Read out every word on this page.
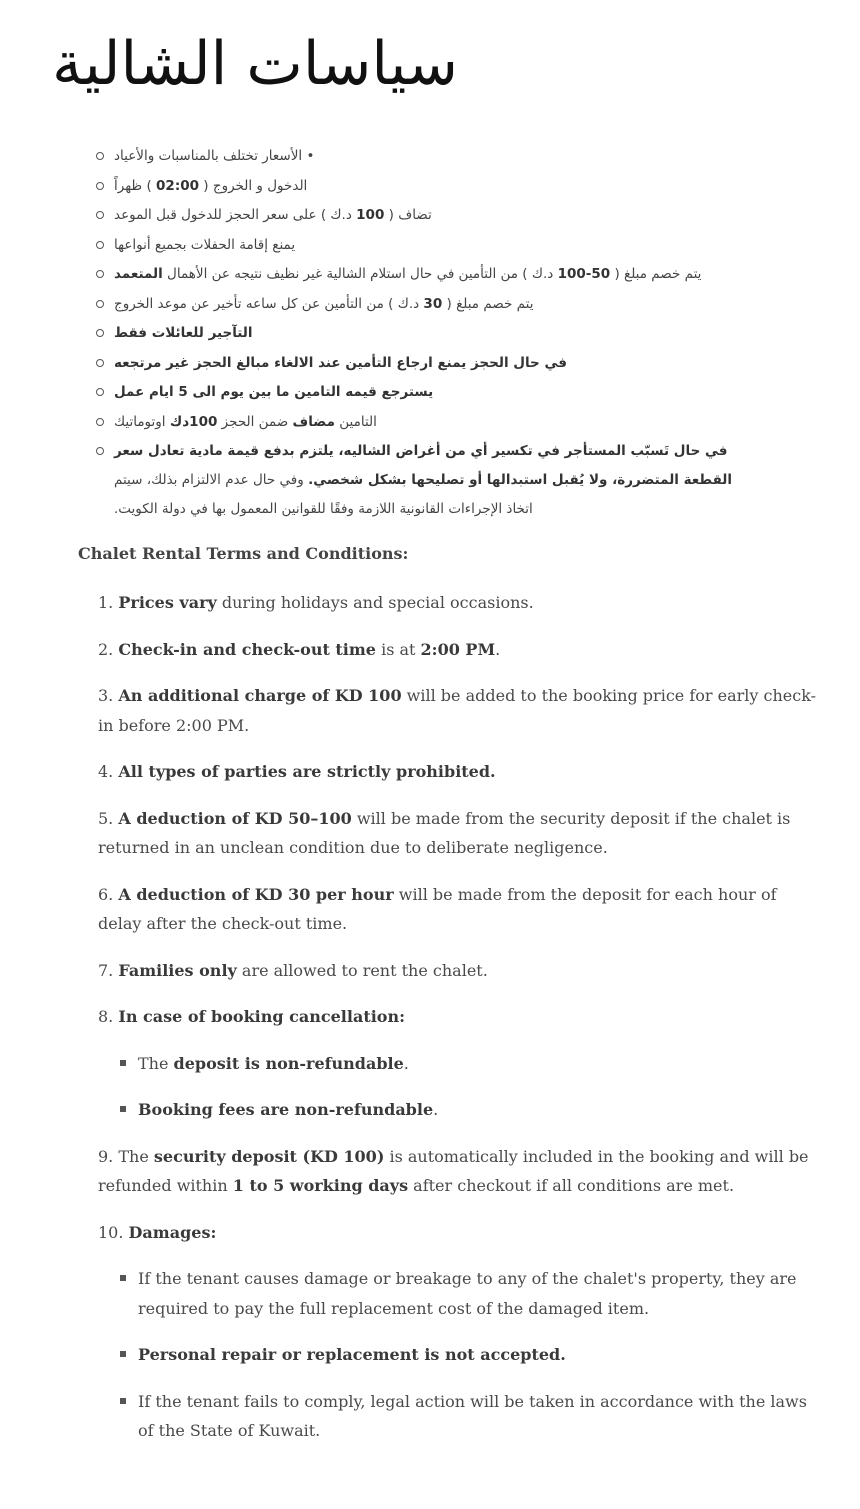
سياسات الشالية
• الأسعار تختلف بالمناسبات والأعياد
الدخول و الخروج ( 02:00 ) ظهراً
تضاف ( 100 د.ك ) على سعر الحجز للدخول قبل الموعد
يمنع إقامة الحفلات بجميع أنواعها
يتم خصم مبلغ ( 50-100 د.ك ) من التأمين في حال استلام الشالية غير نظيف نتيجه عن الأهمال المتعمد
يتم خصم مبلغ ( 30 د.ك ) من التأمين عن كل ساعه تأخير عن موعد الخروج
التآجير للعائلات فقط
في حال الحجز يمنع ارجاع التأمين عند الالغاء مبالغ الحجز غير مرتجعه
يسترجع قيمه التامين ما بين يوم الى 5 ايام عمل
التامين مضاف ضمن الحجز 100دك اوتوماتيك
في حال تَسبّب المستأجر في تكسير أي من أغراض الشاليه، يلتزم بدفع قيمة مادية تعادل سعر
القطعة المتضررة، ولا يُقبل استبدالها أو تصليحها بشكل شخصي. وفي حال عدم الالتزام بذلك، سيتم
اتخاذ الإجراءات القانونية اللازمة وفقًا للقوانين المعمول بها في دولة الكويت.
Chalet Rental Terms and Conditions:
1. Prices vary during holidays and special occasions.
2. Check-in and check-out time is at 2:00 PM.
3. An additional charge of KD 100 will be added to the booking price for early check-in before 2:00 PM.
4. All types of parties are strictly prohibited.
5. A deduction of KD 50–100 will be made from the security deposit if the chalet is returned in an unclean condition due to deliberate negligence.
6. A deduction of KD 30 per hour will be made from the deposit for each hour of delay after the check-out time.
7. Families only are allowed to rent the chalet.
8. In case of booking cancellation:
The deposit is non-refundable.
Booking fees are non-refundable.
9. The security deposit (KD 100) is automatically included in the booking and will be refunded within 1 to 5 working days after checkout if all conditions are met.
10. Damages:
If the tenant causes damage or breakage to any of the chalet's property, they are required to pay the full replacement cost of the damaged item.
Personal repair or replacement is not accepted.
If the tenant fails to comply, legal action will be taken in accordance with the laws of the State of Kuwait.
